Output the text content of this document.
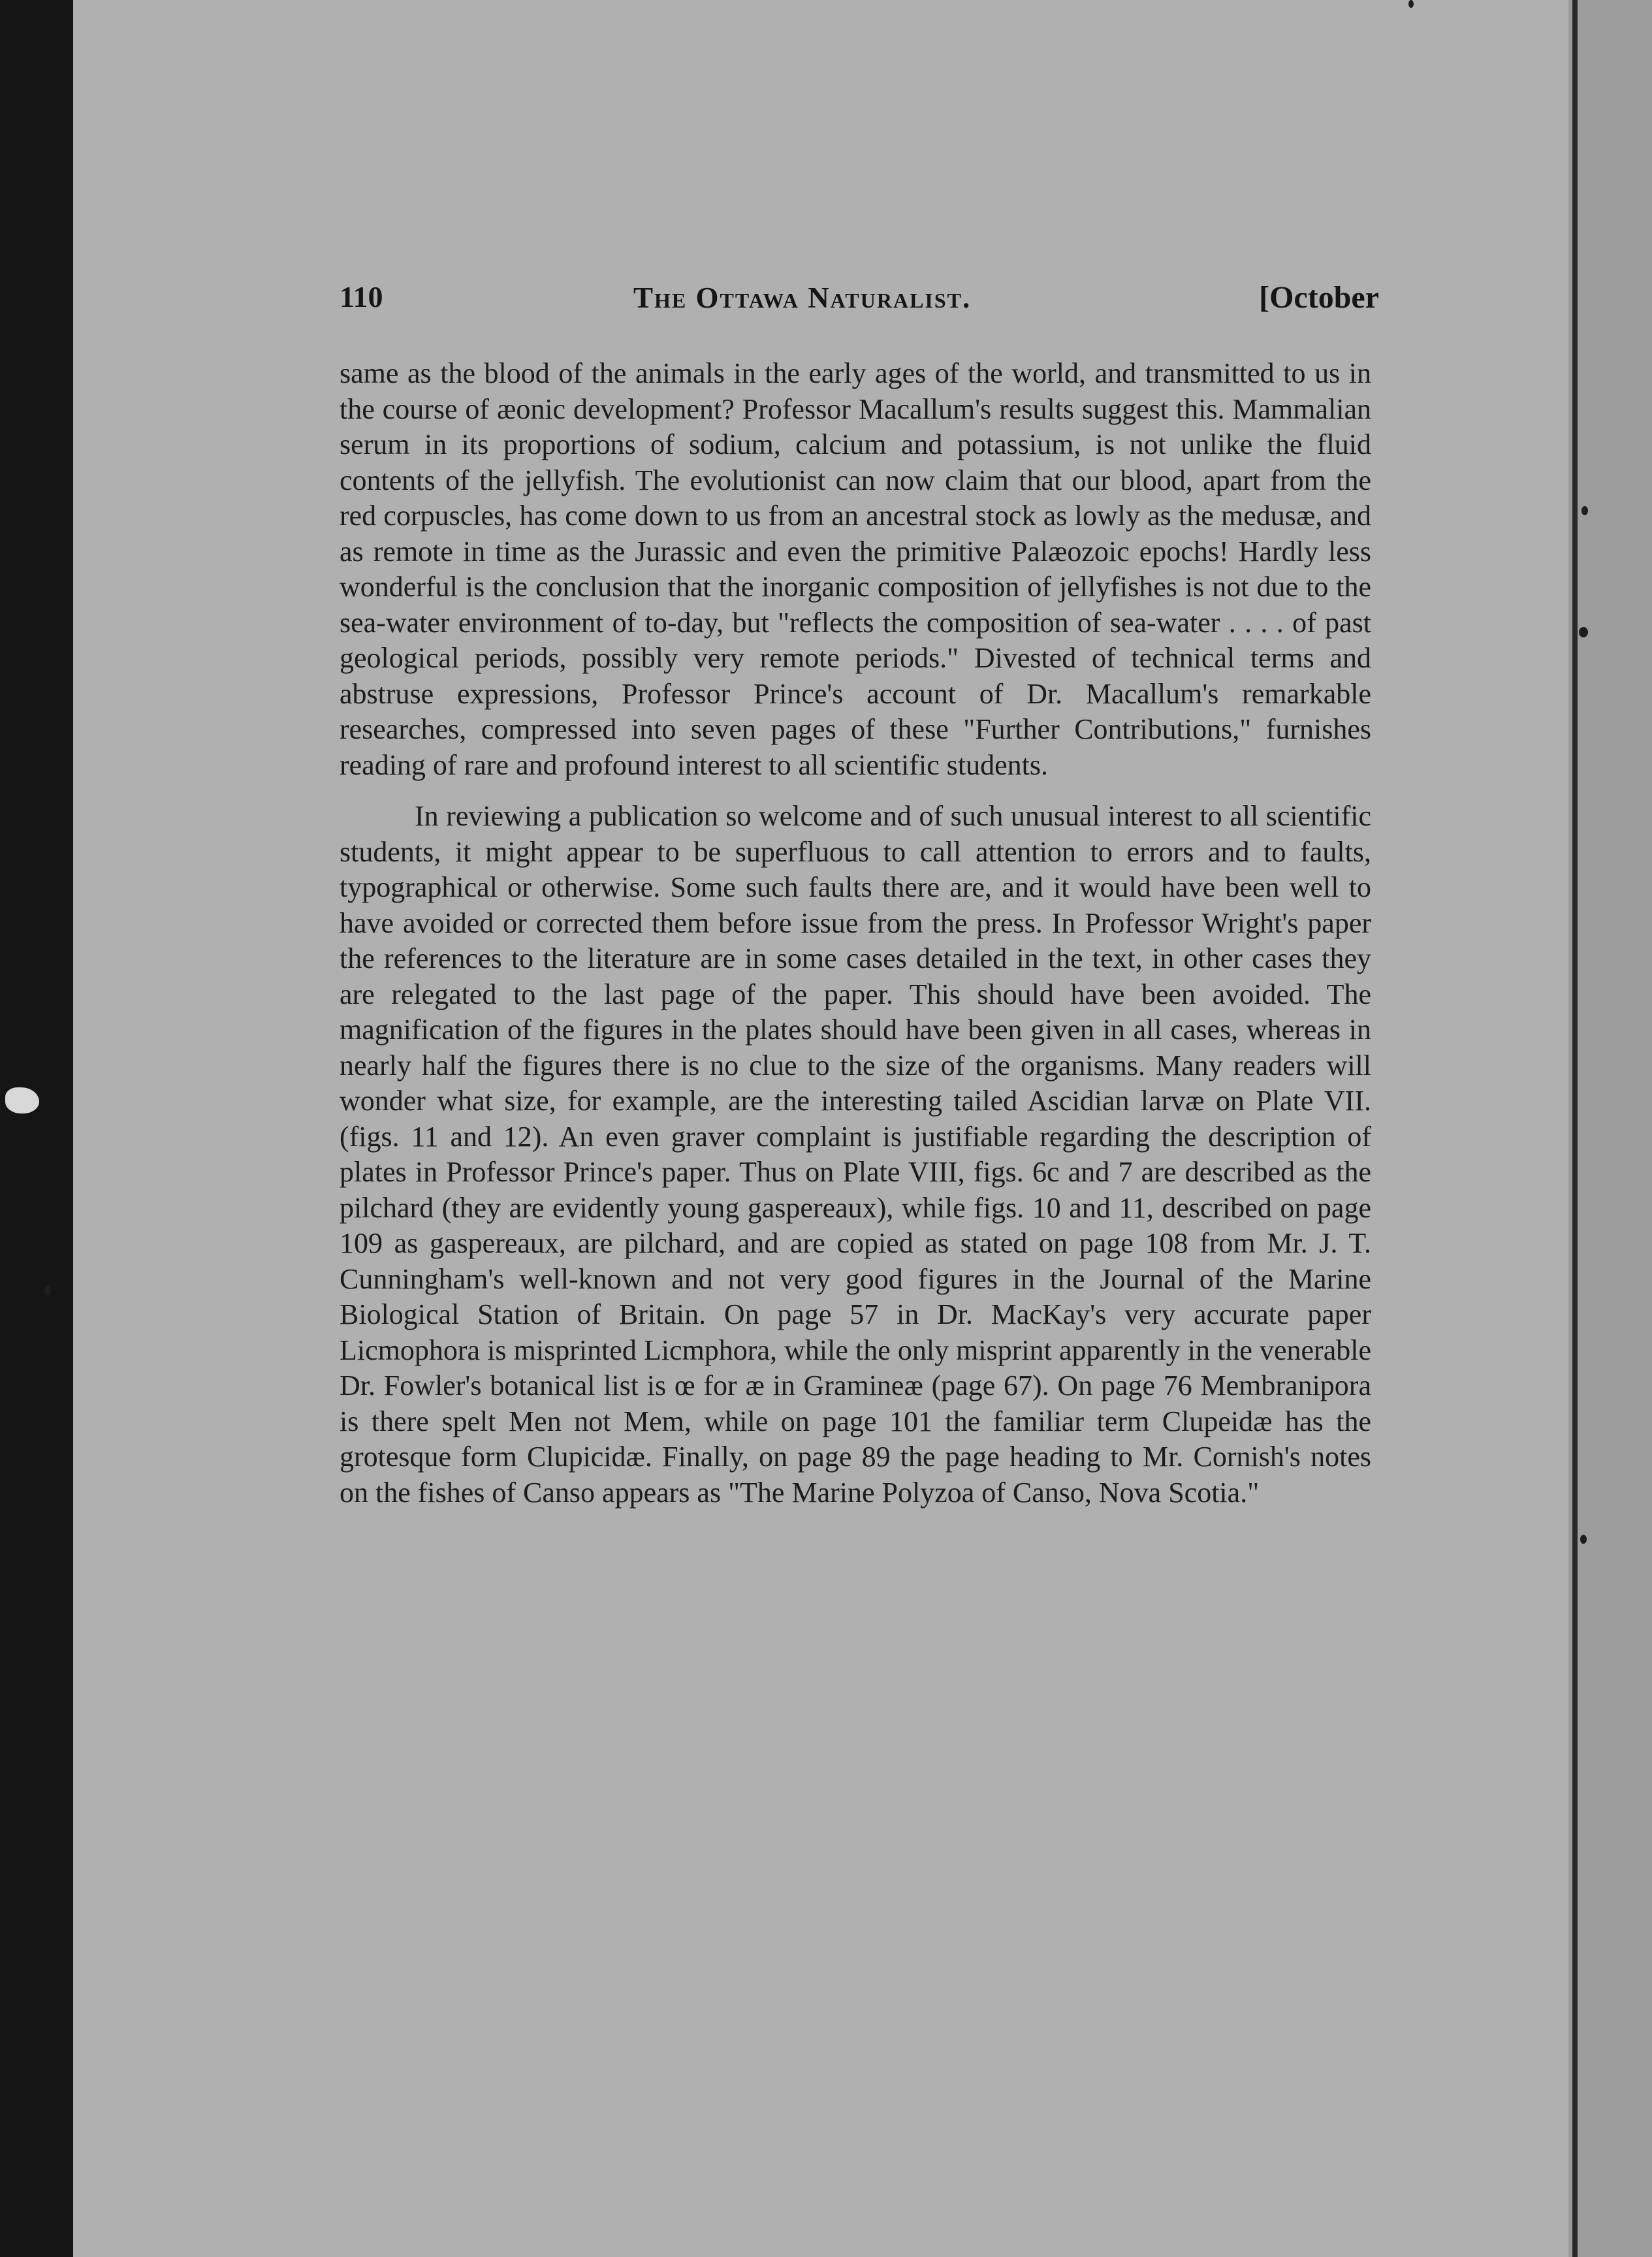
110	The Ottawa Naturalist.	[October

same as the blood of the animals in the early ages of the world, and transmitted to us in the course of æonic development? Professor Macallum's results suggest this. Mammalian serum in its proportions of sodium, calcium and potassium, is not unlike the fluid contents of the jellyfish. The evolutionist can now claim that our blood, apart from the red corpuscles, has come down to us from an ancestral stock as lowly as the medusæ, and as remote in time as the Jurassic and even the primitive Palæozoic epochs! Hardly less wonderful is the conclusion that the inorganic composition of jellyfishes is not due to the sea-water environment of to-day, but "reflects the composition of sea-water . . . . of past geological periods, possibly very remote periods." Divested of technical terms and abstruse expressions, Professor Prince's account of Dr. Macallum's remarkable researches, compressed into seven pages of these "Further Contributions," furnishes reading of rare and profound interest to all scientific students.

In reviewing a publication so welcome and of such unusual interest to all scientific students, it might appear to be superfluous to call attention to errors and to faults, typographical or otherwise. Some such faults there are, and it would have been well to have avoided or corrected them before issue from the press. In Professor Wright's paper the references to the literature are in some cases detailed in the text, in other cases they are relegated to the last page of the paper. This should have been avoided. The magnification of the figures in the plates should have been given in all cases, whereas in nearly half the figures there is no clue to the size of the organisms. Many readers will wonder what size, for example, are the interesting tailed Ascidian larvæ on Plate VII. (figs. 11 and 12). An even graver complaint is justifiable regarding the description of plates in Professor Prince's paper. Thus on Plate VIII, figs. 6c and 7 are described as the pilchard (they are evidently young gaspereaux), while figs. 10 and 11, described on page 109 as gaspereaux, are pilchard, and are copied as stated on page 108 from Mr. J. T. Cunningham's well-known and not very good figures in the Journal of the Marine Biological Station of Britain. On page 57 in Dr. MacKay's very accurate paper Licmophora is misprinted Licmphora, while the only misprint apparently in the venerable Dr. Fowler's botanical list is œ for æ in Gramineæ (page 67). On page 76 Membranipora is there spelt Men not Mem, while on page 101 the familiar term Clupeidæ has the grotesque form Clupicidæ. Finally, on page 89 the page heading to Mr. Cornish's notes on the fishes of Canso appears as "The Marine Polyzoa of Canso, Nova Scotia."
